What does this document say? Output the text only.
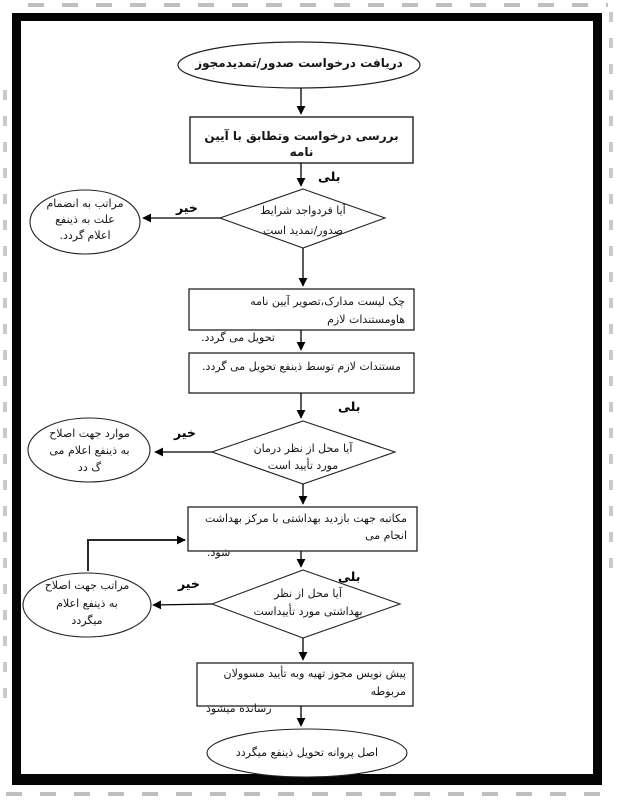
دریافت درخواست صدور/تمدیدمجوز
بررسی درخواست وتطابق با آیین نامه
آیا فردواجد شرایط
صدور/تمدید است
مراتب به انضمام
علت به ذینفع
اعلام گردد.
چک لیست مدارک،تصویر آیین نامه هاومستندات لازم
تحویل می گردد.
مستندات لازم توسط ذینفع تحویل می گردد.
آیا محل از نظر درمان
مورد تأیید است
موارد جهت اصلاح
به ذینفع اعلام می
گ دد
مکاتبه جهت بازدید بهداشتی با مرکز بهداشت انجام می
شود.
آیا محل از نظر
بهداشتی مورد تأییداست
مراتب جهت اصلاح
به ذینفع اعلام
میگردد
پیش نویس مجوز تهیه وبه تأیید مسوولان مربوطه
رسانده میشود
اصل پروانه تحویل ذینفع میگردد
بلی
خیر
بلی
خیر
بلی
خیر
